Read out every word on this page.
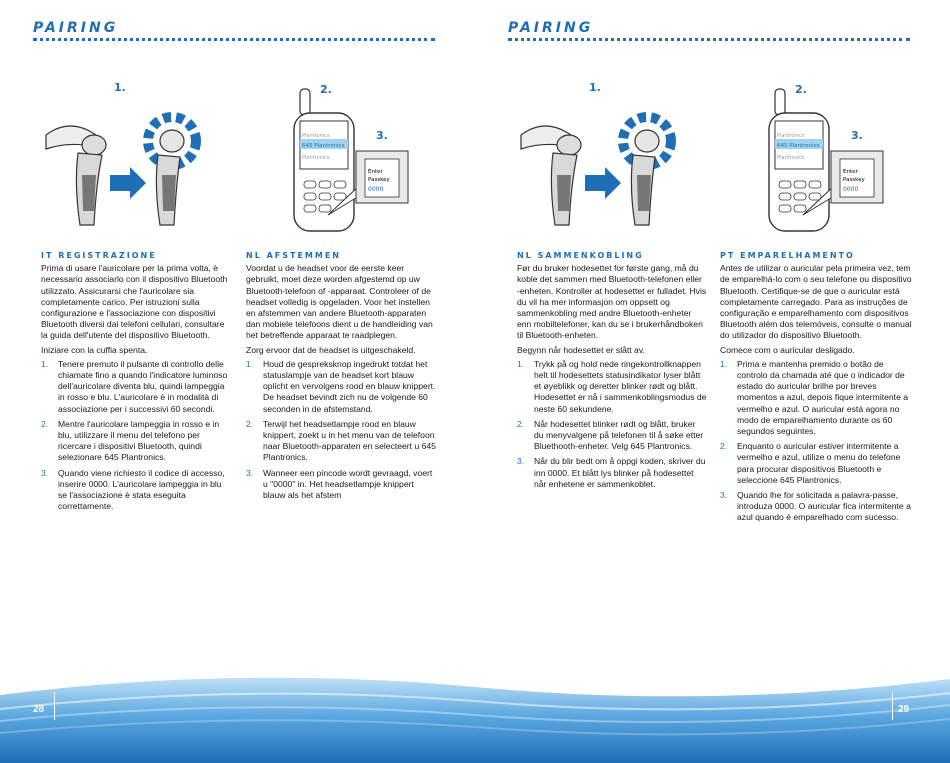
PAIRING
1.	2.
3.
Plantronics
645 Plantronics
Plantronics
Enter
Passkey
0000
IT REGISTRAZIONE

Prima di usare l'auricolare per la prima volta, è necessario associarlo con il dispositivo Bluetooth utilizzato. Assicurarsi che l'auricolare sia completamente carico. Per istruzioni sulla configurazione e l'associazione con dispositivi Bluetooth diversi dai telefoni cellulari, consultare la guida dell'utente del dispositivo Bluetooth.

Iniziare con la cuffia spenta.

1. Tenere premuto il pulsante di controllo delle chiamate fino a quando l'indicatore luminoso dell'auricolare diventa blu, quindi lampeggia in rosso e blu. L'auricolare è in modalità di associazione per i successivi 60 secondi.
2. Mentre l'auricolare lampeggia in rosso e in blu, utilizzare il menu del telefono per ricercare i dispositivi Bluetooth, quindi selezionare 645 Plantronics.
3. Quando viene richiesto il codice di accesso, inserire 0000. L'auricolare lampeggia in blu se l'associazione è stata eseguita correttamente.
NL AFSTEMMEN

Voordat u de headset voor de eerste keer gebruikt, moet deze worden afgestemd op uw Bluetooth-telefoon of -apparaat. Controleer of de headset volledig is opgeladen. Voor het instellen en afstemmen van andere Bluetooth-apparaten dan mobiele telefoons dient u de handleiding van het betreffende apparaat te raadplegen.

Zorg ervoor dat de headset is uitgeschakeld.

1. Houd de gespreksknop ingedrukt totdat het statuslampje van de headset kort blauw oplicht en vervolgens rood en blauw knippert. De headset bevindt zich nu de volgende 60 seconden in de afstemstand.
2. Terwijl het headsetlampje rood en blauw knippert, zoekt u in het menu van de telefoon naar Bluetooth-apparaten en selecteert u 645 Plantronics.
3. Wanneer een pincode wordt gevraagd, voert u "0000" in. Het headsetlampje knippert blauw als het afstem
PAIRING
1.	2.
3.
Plantronics
645 Plantronics
Plantronics
Enter
Passkey
0000
NL SAMMENKOBLING

Før du bruker hodesettet for første gang, må du koble det sammen med Bluetooth-telefonen eller -enheten. Kontroller at hodesettet er fulladet. Hvis du vil ha mer informasjon om oppsett og sammenkobling med andre Bluetooth-enheter enn mobiltelefoner, kan du se i brukerhåndboken til Bluetooth-enheten.

Begynn når hodesettet er slått av.

1. Trykk på og hold nede ringekontrollknappen helt til hodesettets statusindikator lyser blått et øyeblikk og deretter blinker rødt og blått. Hodesettet er nå i sammenkoblingsmodus de neste 60 sekundene.
2. Når hodesettet blinker rødt og blått, bruker du menyvalgene på telefonen til å søke etter Bluethooth-enheter. Velg 645 Plantronics.
3. Når du blir bedt om å oppgi koden, skriver du inn 0000. Et blått lys blinker på hodesettet når enhetene er sammenkoblet.
PT EMPARELHAMENTO

Antes de utilizar o auricular pela primeira vez, tem de emparelhá-lo com o seu telefone ou dispositivo Bluetooth. Certifique-se de que o auricular está completamente carregado. Para as instruções de configuração e emparelhamento com dispositivos Bluetooth além dos telemóveis, consulte o manual do utilizador do dispositivo Bluetooth.

Comece com o auricular desligado.

1. Prima e mantenha premido o botão de controlo da chamada até que o indicador de estado do auricular brilhe por breves momentos a azul, depois fique intermitente a vermelho e azul. O auricular está agora no modo de emparelhamento durante os 60 segundos seguintes.
2. Enquanto o auricular estiver intermitente a vermelho e azul, utilize o menu do telefone para procurar dispositivos Bluetooth e seleccione 645 Plantronics.
3. Quando lhe for solicitada a palavra-passe, introduza 0000. O auricular fica intermitente a azul quando é emparelhado com sucesso.
28	29
